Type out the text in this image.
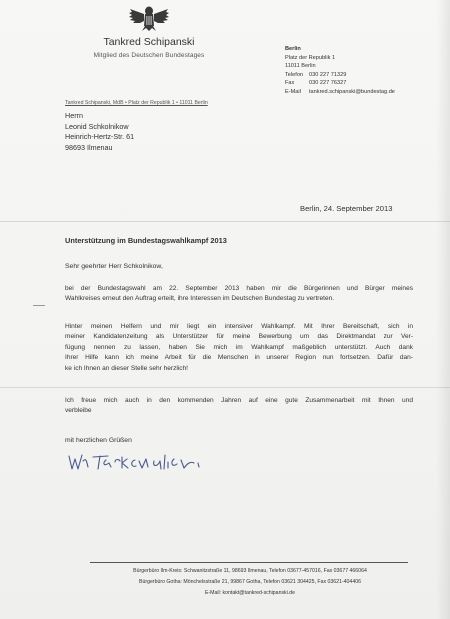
Tankred Schipanski
Mitglied des Deutschen Bundestages
Berlin
Platz der Republik 1
11011 Berlin
Telefon 030 227 71329
Fax	030 227 76327
E-Mail tankred.schipanski@bundestag.de
Tankred Schipanski, MdB • Platz der Republik 1 • 11011 Berlin
Herrn
Leonid Schkolnikow
Heinrich-Hertz-Str. 61
98693 Ilmenau
Berlin, 24. September 2013
Unterstützung im Bundestagswahlkampf 2013
Sehr geehrter Herr Schkolnikow,
bei der Bundestagswahl am 22. September 2013 haben mir die Bürgerinnen und Bürger meines
Wahlkreises erneut den Auftrag erteilt, ihre Interessen im Deutschen Bundestag zu vertreten.
Hinter meinen Helfern und mir liegt ein intensiver Wahlkampf. Mit Ihrer Bereitschaft, sich in
meiner Kandidatenzeitung als Unterstützer für meine Bewerbung um das Direktmandat zur Ver-
fügung nennen zu lassen, haben Sie mich im Wahlkampf maßgeblich unterstützt. Auch dank
Ihrer Hilfe kann ich meine Arbeit für die Menschen in unserer Region nun fortsetzen. Dafür dan-
ke ich Ihnen an dieser Stelle sehr herzlich!
Ich freue mich auch in den kommenden Jahren auf eine gute Zusammenarbeit mit Ihnen und
verbleibe
mit herzlichen Grüßen
Bürgerbüro Ilm-Kreis: Schwanitzstraße 11, 98693 Ilmenau, Telefon 03677-457016, Fax 03677 466064
Bürgerbüro Gotha: Mönchelsstraße 21, 99867 Gotha, Telefon 03621 304425, Fax 03621-404406
E-Mail: kontakt@tankred-schipanski.de
